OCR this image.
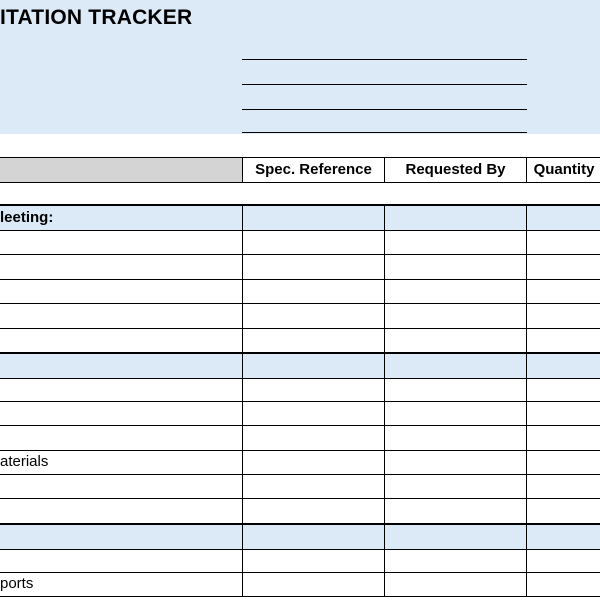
ITATION TRACKER
Spec. Reference	Requested By	Quantity
leeting:
aterials
ports
